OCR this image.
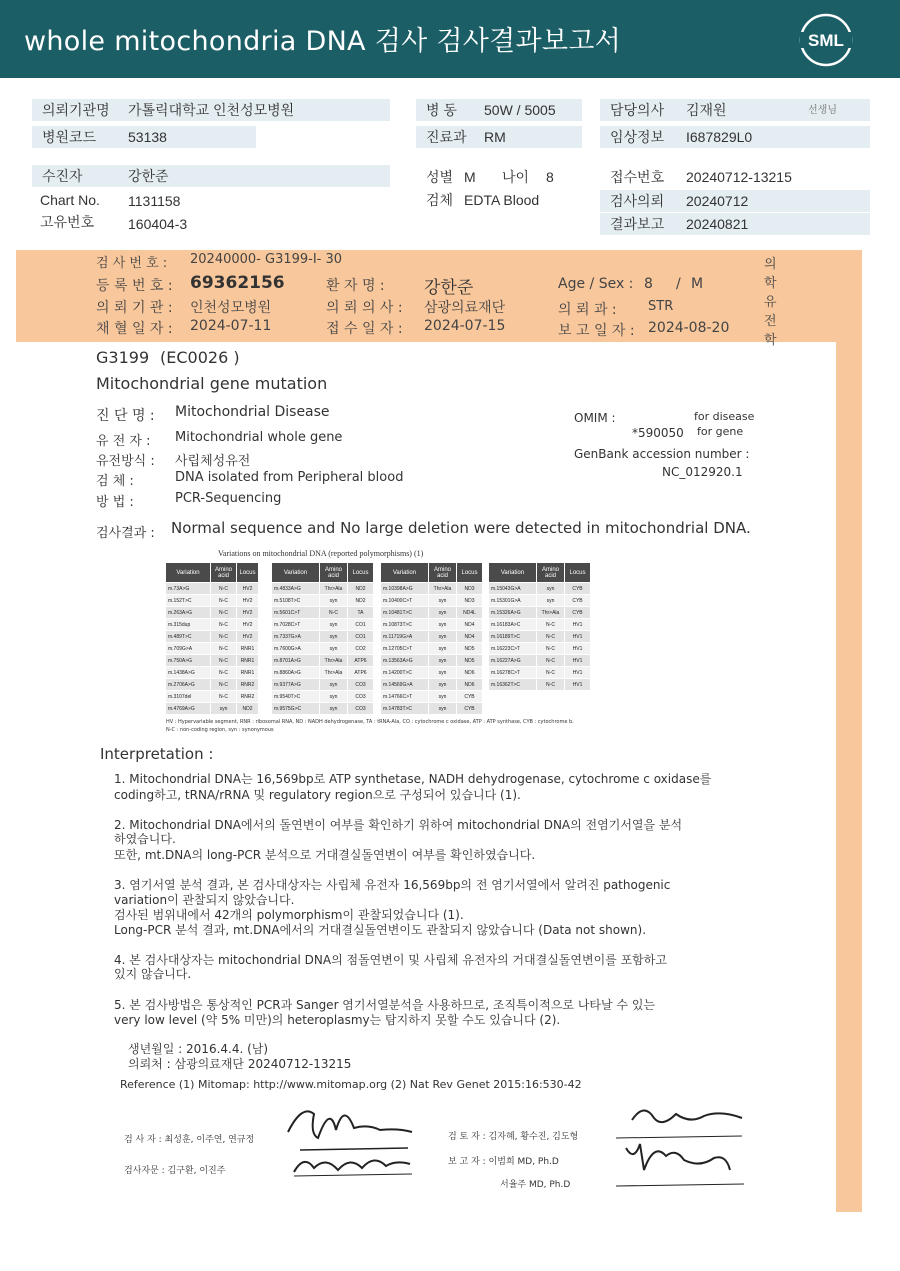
whole mitochondria DNA 검사 검사결과보고서	SML
의뢰기관명 가톨릭대학교 인천성모병원
병원코드 53138
병 동 50W / 5005
진료과 RM
담당의사 김재원	선생님
임상정보 I687829L0
수진자	강한준
Chart No. 1131158
고유번호 160404-3
성별 M 나이 8
검체 EDTA Blood
접수번호 20240712-13215
검사의뢰 20240712
결과보고 20240821
검 사 번 호 : 20240000- G3199-I- 30
등 록 번 호 : 69362156	환 자 명 : 강한준	Age / Sex : 8 / M
의 뢰 기 관 : 인천성모병원	의 뢰 의 사 : 삼광의료재단	의 뢰 과 : STR
채 혈 일 자 : 2024-07-11	접 수 일 자 : 2024-07-15	보 고 일 자 : 2024-08-20
의
학
유
전
학
G3199 (EC0026 )
Mitochondrial gene mutation
진 단 명 : Mitochondrial Disease
유 전 자 : Mitochondrial whole gene
유전방식 : 사립체성유전
검 체 :	DNA isolated from Peripheral blood
방 법 :	PCR-Sequencing
OMIM :	for disease
*590050 for gene
GenBank accession number :
NC_012920.1
검사결과 : Normal sequence and No large deletion were detected in mitochondrial DNA.
Variations on mitochondrial DNA (reported polymorphisms) (1)
Variation	Amino acid	Locus
m.73A>G	N-C	HV2
m.152T>C	N-C	HV2
m.263A>G	N-C	HV2
m.315dup	N-C	HV2
m.489T>C	N-C	HV2
m.709G>A	N-C	RNR1
m.750A>G	N-C	RNR1
m.1438A>G	N-C	RNR1
m.2706A>G	N-C	RNR2
m.3107del	N-C	RNR2
m.4769A>G	syn	ND2
Variation	Amino acid	Locus
m.4833A>G	Thr>Ala	ND2
m.5108T>C	syn	ND2
m.5601C>T	N-C	TA
m.7028C>T	syn	CO1
m.7337G>A	syn	CO1
m.7600G>A	syn	CO2
m.8701A>G	Thr>Ala	ATP6
m.8860A>G	Thr>Ala	ATP6
m.9377A>G	syn	CO3
m.9540T>C	syn	CO3
m.9575G>C	syn	CO3
Variation	Amino acid	Locus
m.10398A>G	Thr>Ala	ND3
m.10400C>T	syn	ND3
m.10481T>C	syn	ND4L
m.10873T>C	syn	ND4
m.11719G>A	syn	ND4
m.12705C>T	syn	ND5
m.13563A>G	syn	ND5
m.14200T>C	syn	ND6
m.14569G>A	syn	ND6
m.14766C>T	syn	CYB
m.14783T>C	syn	CYB
Variation	Amino acid	Locus
m.15043G>A	syn	CYB
m.15301G>A	syn	CYB
m.15326A>G	Thr>Ala	CYB
m.16183A>C	N-C	HV1
m.16189T>C	N-C	HV1
m.16223C>T	N-C	HV1
m.16227A>G	N-C	HV1
m.16278C>T	N-C	HV1
m.16362T>C	N-C	HV1
HV : Hypervariable segment, RNR : ribosomal RNA, ND : NADH dehydrogenase, TA : tRNA-Ala, CO : cytochrome c oxidase, ATP : ATP synthase, CYB : cytochrome b.
N-C : non-coding region, syn : synonymous
Interpretation :
1. Mitochondrial DNA는 16,569bp로 ATP synthetase, NADH dehydrogenase, cytochrome c oxidase를
coding하고, tRNA/rRNA 및 regulatory region으로 구성되어 있습니다 (1).
2. Mitochondrial DNA에서의 돌연변이 여부를 확인하기 위하여 mitochondrial DNA의 전염기서열을 분석
하였습니다.
또한, mt.DNA의 long-PCR 분석으로 거대결실돌연변이 여부를 확인하였습니다.
3. 염기서열 분석 결과, 본 검사대상자는 사립체 유전자 16,569bp의 전 염기서열에서 알려진 pathogenic
variation이 관찰되지 않았습니다.
검사된 범위내에서 42개의 polymorphism이 관찰되었습니다 (1).
Long-PCR 분석 결과, mt.DNA에서의 거대결실돌연변이도 관찰되지 않았습니다 (Data not shown).
4. 본 검사대상자는 mitochondrial DNA의 점돌연변이 및 사립체 유전자의 거대결실돌연변이를 포함하고
있지 않습니다.
5. 본 검사방법은 통상적인 PCR과 Sanger 염기서열분석을 사용하므로, 조직특이적으로 나타날 수 있는
very low level (약 5% 미만)의 heteroplasmy는 탐지하지 못할 수도 있습니다 (2).
생년월일 : 2016.4.4. (남)
의뢰처 : 삼광의료재단 20240712-13215
Reference (1) Mitomap: http://www.mitomap.org (2) Nat Rev Genet 2015:16:530-42
검 사 자 : 최성훈, 이주연, 연규정
검사자문 : 김구환, 이진주
검 토 자 : 김자혜, 황수진, 김도형
보 고 자 : 이범희 MD, Ph.D
서율주 MD, Ph.D
